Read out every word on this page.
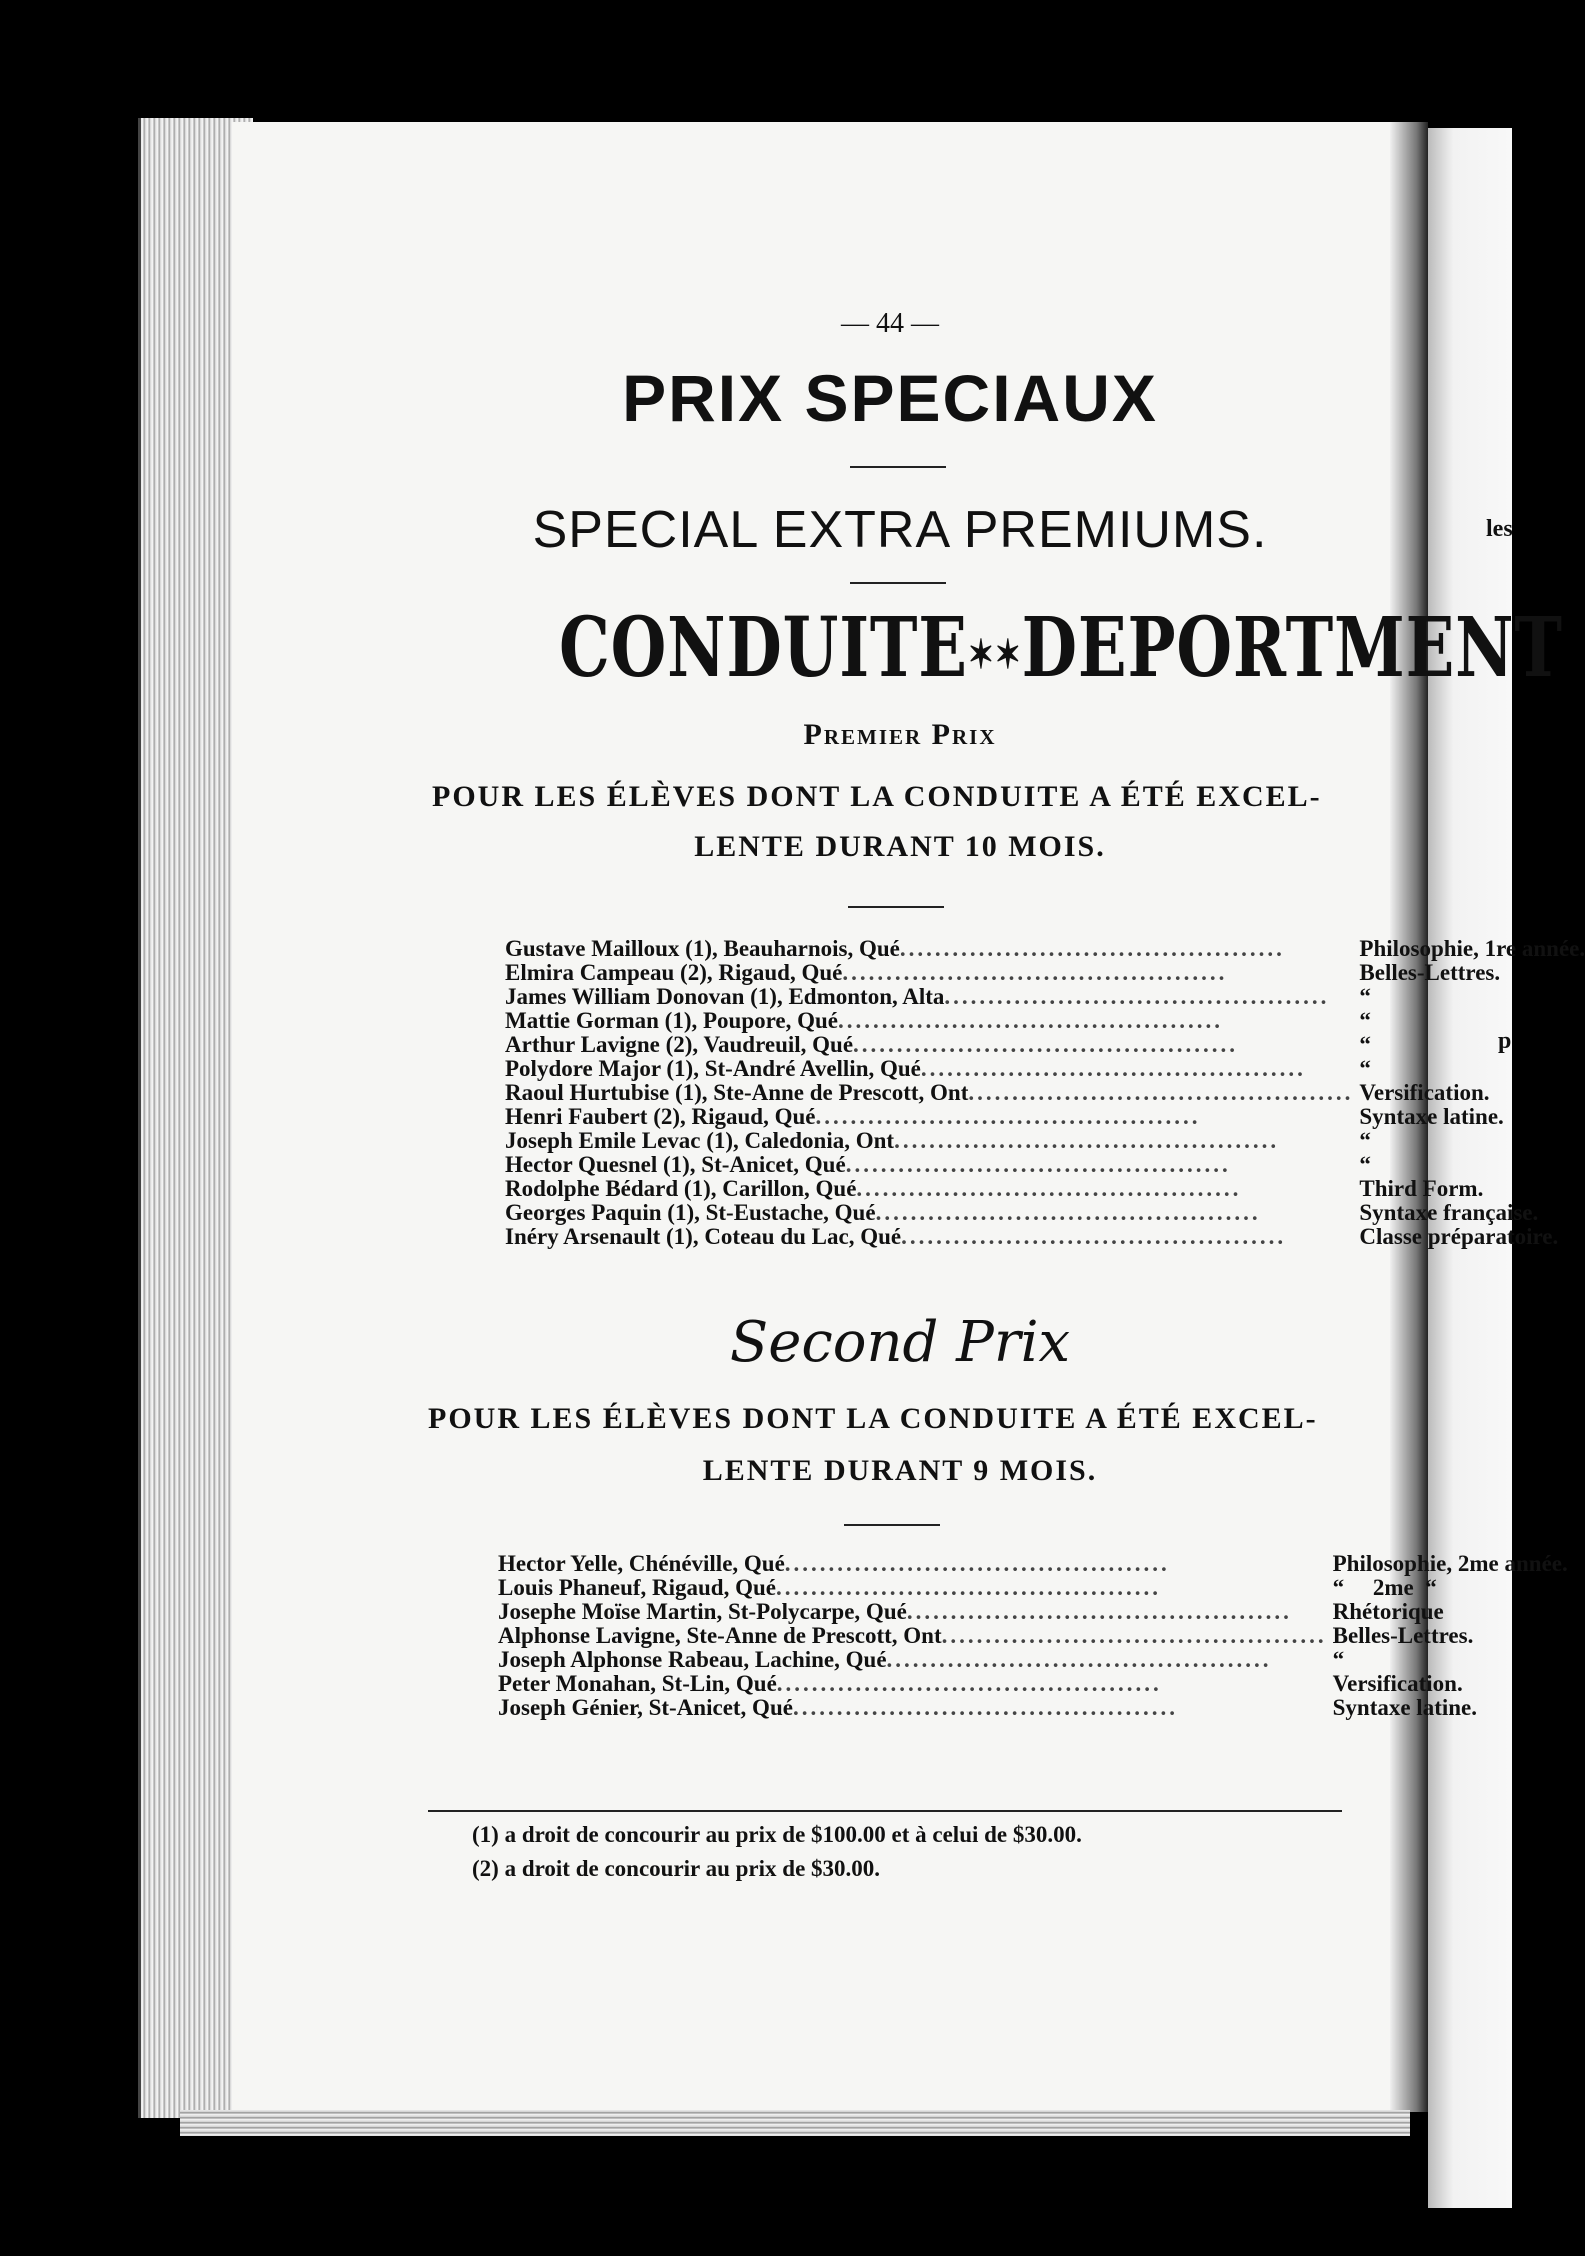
les
p
— 44 —
PRIX SPECIAUX
SPECIAL EXTRA PREMIUMS.
CONDUITE✶✶DEPORTMENT
Premier Prix
POUR LES ÉLÈVES DONT LA CONDUITE A ÉTÉ EXCEL-
LENTE DURANT 10 MOIS.
Gustave Mailloux (1), Beauharnois, Qué............................................	Philosophie, 1re année.
Elmira Campeau (2), Rigaud, Qué............................................	Belles-Lettres.
James William Donovan (1), Edmonton, Alta............................................	“
Mattie Gorman (1), Poupore, Qué............................................	“
Arthur Lavigne (2), Vaudreuil, Qué............................................	“
Polydore Major (1), St-André Avellin, Qué............................................	“
Raoul Hurtubise (1), Ste-Anne de Prescott, Ont............................................	Versification.
Henri Faubert (2), Rigaud, Qué............................................	Syntaxe latine.
Joseph Emile Levac (1), Caledonia, Ont............................................	“
Hector Quesnel (1), St-Anicet, Qué............................................	“
Rodolphe Bédard (1), Carillon, Qué............................................	Third Form.
Georges Paquin (1), St-Eustache, Qué............................................	Syntaxe française.
Inéry Arsenault (1), Coteau du Lac, Qué............................................	Classe préparatoire.
Second Prix
POUR LES ÉLÈVES DONT LA CONDUITE A ÉTÉ EXCEL-
LENTE DURANT 9 MOIS.
Hector Yelle, Chénéville, Qué............................................	Philosophie, 2me année.
Louis Phaneuf, Rigaud, Qué............................................	“     2me  “
Josephe Moïse Martin, St-Polycarpe, Qué............................................	Rhétorique
Alphonse Lavigne, Ste-Anne de Prescott, Ont............................................	Belles-Lettres.
Joseph Alphonse Rabeau, Lachine, Qué............................................	“
Peter Monahan, St-Lin, Qué............................................	Versification.
Joseph Génier, St-Anicet, Qué............................................	Syntaxe latine.
(1) a droit de concourir au prix de $100.00 et à celui de $30.00.
(2) a droit de concourir au prix de $30.00.
